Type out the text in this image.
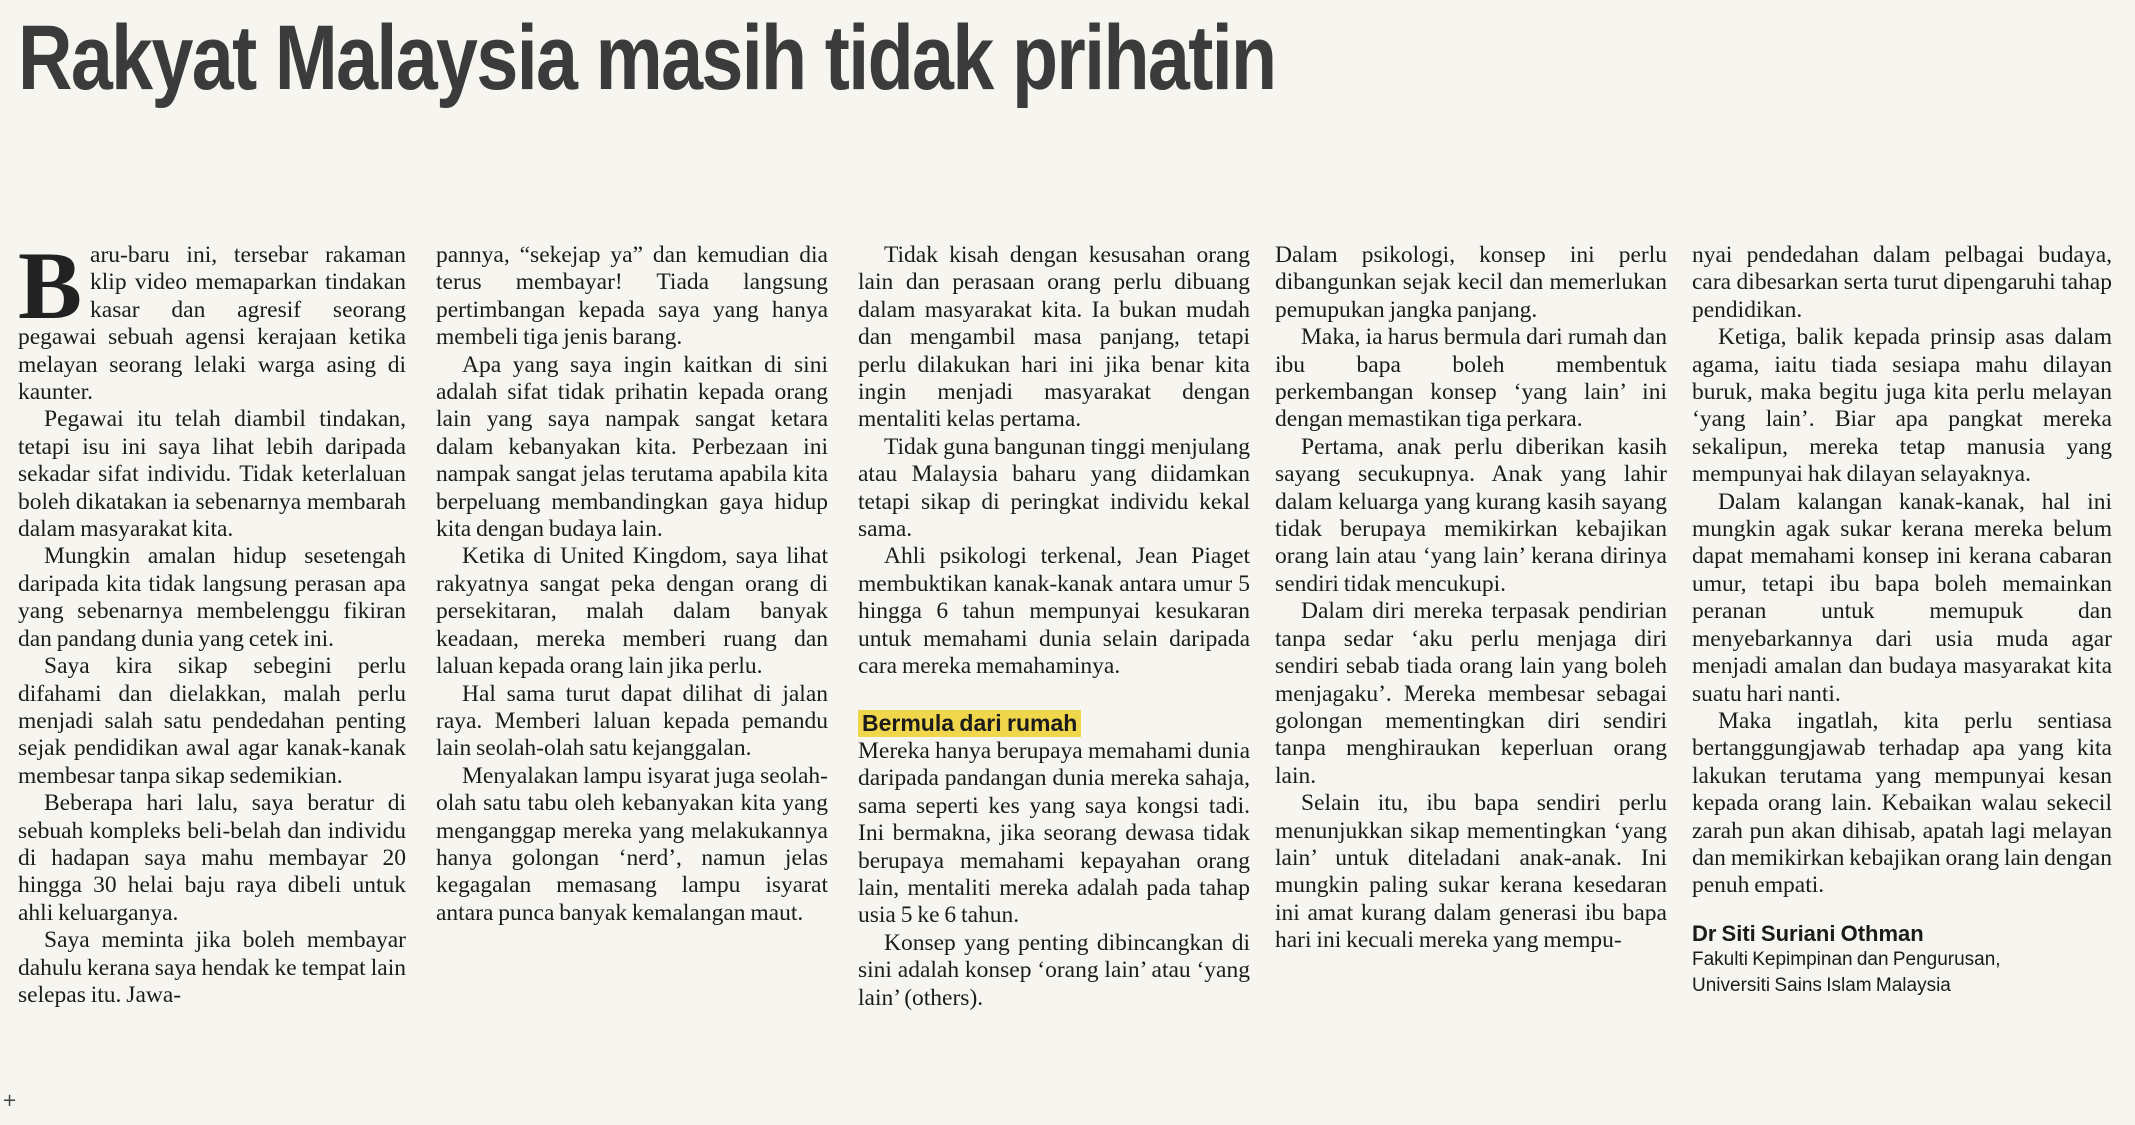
Rakyat Malaysia masih tidak prihatin

Baru-baru ini, tersebar rakaman klip video memaparkan tindakan kasar dan agresif seorang pegawai sebuah agensi kerajaan ketika melayan seorang lelaki warga asing di kaunter.

Pegawai itu telah diambil tindakan, tetapi isu ini saya lihat lebih daripada sekadar sifat individu. Tidak keterlaluan boleh dikatakan ia sebenarnya membarah dalam masyarakat kita.

Mungkin amalan hidup sesetengah daripada kita tidak langsung perasan apa yang sebenarnya membelenggu fikiran dan pandang dunia yang cetek ini.

Saya kira sikap sebegini perlu difahami dan dielakkan, malah perlu menjadi salah satu pendedahan penting sejak pendidikan awal agar kanak-kanak membesar tanpa sikap sedemikian.

Beberapa hari lalu, saya beratur di sebuah kompleks beli-belah dan individu di hadapan saya mahu membayar 20 hingga 30 helai baju raya dibeli untuk ahli keluarganya.

Saya meminta jika boleh membayar dahulu kerana saya hendak ke tempat lain selepas itu. Jawa-

pannya, “sekejap ya” dan kemudian dia terus membayar! Tiada langsung pertimbangan kepada saya yang hanya membeli tiga jenis barang.

Apa yang saya ingin kaitkan di sini adalah sifat tidak prihatin kepada orang lain yang saya nampak sangat ketara dalam kebanyakan kita. Perbezaan ini nampak sangat jelas terutama apabila kita berpeluang membandingkan gaya hidup kita dengan budaya lain.

Ketika di United Kingdom, saya lihat rakyatnya sangat peka dengan orang di persekitaran, malah dalam banyak keadaan, mereka memberi ruang dan laluan kepada orang lain jika perlu.

Hal sama turut dapat dilihat di jalan raya. Memberi laluan kepada pemandu lain seolah-olah satu kejanggalan.

Menyalakan lampu isyarat juga seolah-olah satu tabu oleh kebanyakan kita yang menganggap mereka yang melakukannya hanya golongan ‘nerd’, namun jelas kegagalan memasang lampu isyarat antara punca banyak kemalangan maut.

Tidak kisah dengan kesusahan orang lain dan perasaan orang perlu dibuang dalam masyarakat kita. Ia bukan mudah dan mengambil masa panjang, tetapi perlu dilakukan hari ini jika benar kita ingin menjadi masyarakat dengan mentaliti kelas pertama.

Tidak guna bangunan tinggi menjulang atau Malaysia baharu yang diidamkan tetapi sikap di peringkat individu kekal sama.

Ahli psikologi terkenal, Jean Piaget membuktikan kanak-kanak antara umur 5 hingga 6 tahun mempunyai kesukaran untuk memahami dunia selain daripada cara mereka memahaminya.

Bermula dari rumah

Mereka hanya berupaya memahami dunia daripada pandangan dunia mereka sahaja, sama seperti kes yang saya kongsi tadi. Ini bermakna, jika seorang dewasa tidak berupaya memahami kepayahan orang lain, mentaliti mereka adalah pada tahap usia 5 ke 6 tahun.

Konsep yang penting dibincangkan di sini adalah konsep ‘orang lain’ atau ‘yang lain’ (others).

Dalam psikologi, konsep ini perlu dibangunkan sejak kecil dan memerlukan pemupukan jangka panjang.

Maka, ia harus bermula dari rumah dan ibu bapa boleh membentuk perkembangan konsep ‘yang lain’ ini dengan memastikan tiga perkara.

Pertama, anak perlu diberikan kasih sayang secukupnya. Anak yang lahir dalam keluarga yang kurang kasih sayang tidak berupaya memikirkan kebajikan orang lain atau ‘yang lain’ kerana dirinya sendiri tidak mencukupi.

Dalam diri mereka terpasak pendirian tanpa sedar ‘aku perlu menjaga diri sendiri sebab tiada orang lain yang boleh menjagaku’. Mereka membesar sebagai golongan mementingkan diri sendiri tanpa menghiraukan keperluan orang lain.

Selain itu, ibu bapa sendiri perlu menunjukkan sikap mementingkan ‘yang lain’ untuk diteladani anak-anak. Ini mungkin paling sukar kerana kesedaran ini amat kurang dalam generasi ibu bapa hari ini kecuali mereka yang mempu-

nyai pendedahan dalam pelbagai budaya, cara dibesarkan serta turut dipengaruhi tahap pendidikan.

Ketiga, balik kepada prinsip asas dalam agama, iaitu tiada sesiapa mahu dilayan buruk, maka begitu juga kita perlu melayan ‘yang lain’. Biar apa pangkat mereka sekalipun, mereka tetap manusia yang mempunyai hak dilayan selayaknya.

Dalam kalangan kanak-kanak, hal ini mungkin agak sukar kerana mereka belum dapat memahami konsep ini kerana cabaran umur, tetapi ibu bapa boleh memainkan peranan untuk memupuk dan menyebarkannya dari usia muda agar menjadi amalan dan budaya masyarakat kita suatu hari nanti.

Maka ingatlah, kita perlu sentiasa bertanggungjawab terhadap apa yang kita lakukan terutama yang mempunyai kesan kepada orang lain. Kebaikan walau sekecil zarah pun akan dihisab, apatah lagi melayan dan memikirkan kebajikan orang lain dengan penuh empati.

Dr Siti Suriani Othman
Fakulti Kepimpinan dan Pengurusan,
Universiti Sains Islam Malaysia
+
